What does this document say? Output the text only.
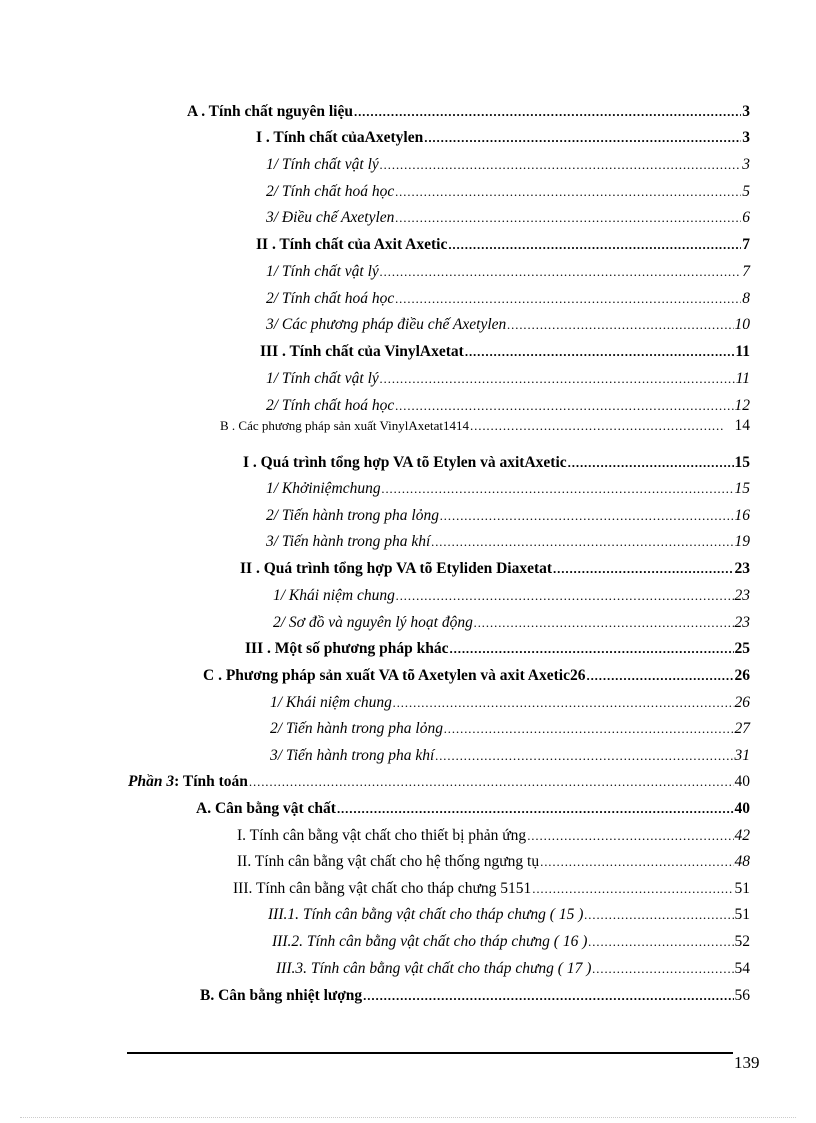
A . Tính chất nguyên liệu . . .	3
I . Tính chất củaAxetylen . . .	3
1/ Tính chất vật lý . . .	3
2/ Tính chất hoá học . . .	5
3/ Điều chế Axetylen . . .	6
II . Tính chất của Axit Axetic . . .	7
1/ Tính chất vật lý . . .	7
2/ Tính chất hoá học . . .	8
3/ Các phương pháp điều chế Axetylen . . .	10
III . Tính chất của VinylAxetat . . .	11
1/ Tính chất vật lý . . .	11
2/ Tính chất hoá học . . .	12
B . Các phương pháp sản xuất VinylAxetat1414 . . .	14
I . Quá trình tổng hợp VA tõ Etylen và axitAxetic . . .	15
1/ Khởiniệmchung . . .	15
2/ Tiến hành trong pha lỏng . . .	16
3/ Tiến hành trong pha khí . . .	19
II . Quá trình tổng hợp VA tõ Etyliden Diaxetat . . .	23
1/ Khái niệm chung . . .	23
2/ Sơ đồ và nguyên lý hoạt động . . .	23
III . Một số phương pháp khác . . .	25
C . Phương pháp sản xuất VA tõ Axetylen và axit Axetic26 . . .	26
1/ Khái niệm chung . . .	26
2/ Tiến hành trong pha lỏng . . .	27
3/ Tiến hành trong pha khí . . .	31
Phần 3 : Tính toán . . .	40
A. Cân bằng vật chất . . .	40
I. Tính cân bằng vật chất cho thiết bị phản ứng . . .	42
II. Tính cân bằng vật chất cho hệ thống ngưng tụ . . .	48
III. Tính cân bằng vật chất cho tháp chưng 5151 . . .	51
III.1. Tính cân bằng vật chất cho tháp chưng ( 15 ) . . .	51
III.2. Tính cân bằng vật chất cho tháp chưng ( 16 ) . . .	52
III.3. Tính cân bằng vật chất cho tháp chưng ( 17 ) . . .	54
B. Cân bằng nhiệt lượng . . .	56
139
